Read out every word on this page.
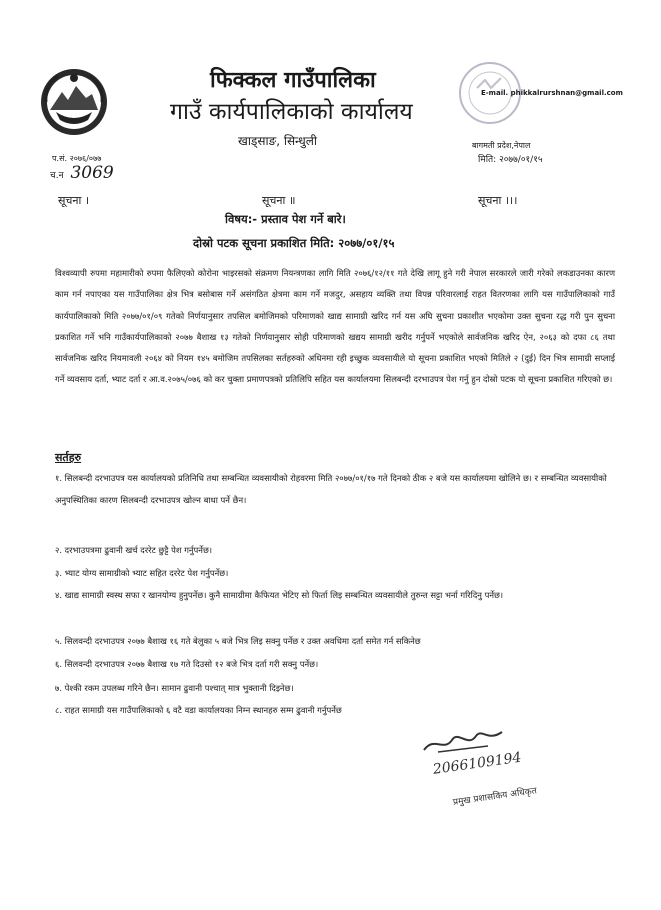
फिक्कल गाउँपालिका
गाउँ कार्यपालिकाको कार्यालय
खाड्साङ, सिन्धुली
E-mail. phikkalrurshnan@gmail.com
बागमती प्रदेश,नेपाल
मिति: २०७७/०१/१५
प.सं. २०७६/०७७
च.न 3069
सूचना ।	सूचना ॥	सूचना ।।।
विषय:- प्रस्ताव पेश गर्ने बारे।
दोस्रो पटक सूचना प्रकाशित मिति: २०७७/०१/१५

विश्वव्यापी रुपमा महामारीको रुपमा फैलिएको कोरोना भाइरसको संक्रमण नियन्त्रणका लागि मिति २०७६/१२/११ गते देखि लागू हुने गरी नेपाल सरकारले जारी गरेको लकडाउनका कारण काम गर्न नपाएका यस गाउँपालिका क्षेत्र भित्र बसोबास गर्ने असंगठित क्षेत्रमा काम गर्ने मजदुर, असहाय व्यक्ति तथा विपन्न परिवारलाई राहत वितरणका लागि यस गाउँपालिकाको गाउँ कार्यपालिकाको मिति २०७७/०१/०९ गतेको निर्णयानुसार तपसिल बमोजिमको परिमाणको खाद्य सामाग्री खरिद गर्न यस अघि सुचना प्रकाशीत भएकोमा उक्त सुचना रद्ध गरी पुन सुचना प्रकाशित गर्ने भनि गाउँकार्यपालिकाको २०७७ बैशाख १३ गतेको निर्णयानुसार सोही परिमाणको खद्यय सामाग्री खरीद गर्नुपर्ने भएकोले सार्वजनिक खरिद ऐन, २०६३ को दफा ८६ तथा सार्वजनिक खरिद नियमावली २०६४ को नियम १४५ बमोजिम तपसिलका सर्तहरुको अधिनमा रही इच्छुक व्यवसायीले यो सूचना प्रकाशित भएको मितिले २ (दुई) दिन भित्र सामाग्री सप्लाई गर्ने व्यवसाय दर्ता, भ्याट दर्ता र आ.व.२०७५/०७६ को कर चुक्ता प्रमाणपत्रको प्रतिलिपि सहित यस कार्यालयमा सिलबन्दी दरभाउपत्र पेश गर्नु हुन दोस्रो पटक यो सूचना प्रकाशित गरिएको छ।

सर्तहरु

१. सिलबन्दी दरभाउपत्र यस कार्यालयको प्रतिनिधि तथा सम्बन्धित व्यवसायीको रोहवरमा मिति २०७७/०१/१७ गते दिनको ठीक २ बजे यस कार्यालयमा खोलिने छ। र सम्बन्धित व्यवसायीको अनुपस्थितिका कारण सिलबन्दी दरभाउपत्र खोल्न बाधा पर्ने छैन।

२. दरभाउपत्रमा ढुवानी खर्च दररेट छुट्टै पेश गर्नुपर्नेछ।

३. भ्याट योग्य सामाग्रीको भ्याट सहित दररेट पेश गर्नुपर्नेछ।

४. खाद्य सामाग्री स्वस्थ सफा र खानयोग्य हुनुपर्नेछ। कुनै सामाग्रीमा कैफियत भेटिए सो फिर्ता लिइ सम्बन्धित व्यवसायीले तुरुन्त सट्टा भर्ना गरिदिनु पर्नेछ।

५. सिलवन्दी दरभाउपत्र २०७७ बैशाख १६ गते बेलुका ५ बजे भित्र लिइ सक्नु पर्नेछ र उक्त अवधिमा दर्ता समेत गर्न सकिनेछ

६. सिलवन्दी दरभाउपत्र २०७७ बैशाख १७ गते दिउसो १२ बजे भित्र दर्ता गरी सक्नु पर्नेछ।

७. पेश्की रकम उपलब्ध गरिने छैन। सामान ढुवानी पश्चात् मात्र भुक्तानी दिइनेछ।

८. राहत सामाग्री यस गाउँपालिकाको ६ वटै वडा कार्यालयका निम्न स्थानहरु सम्म ढुवानी गर्नुपर्नेछ

2066109194
प्रमुख प्रशासकिय अधिकृत
